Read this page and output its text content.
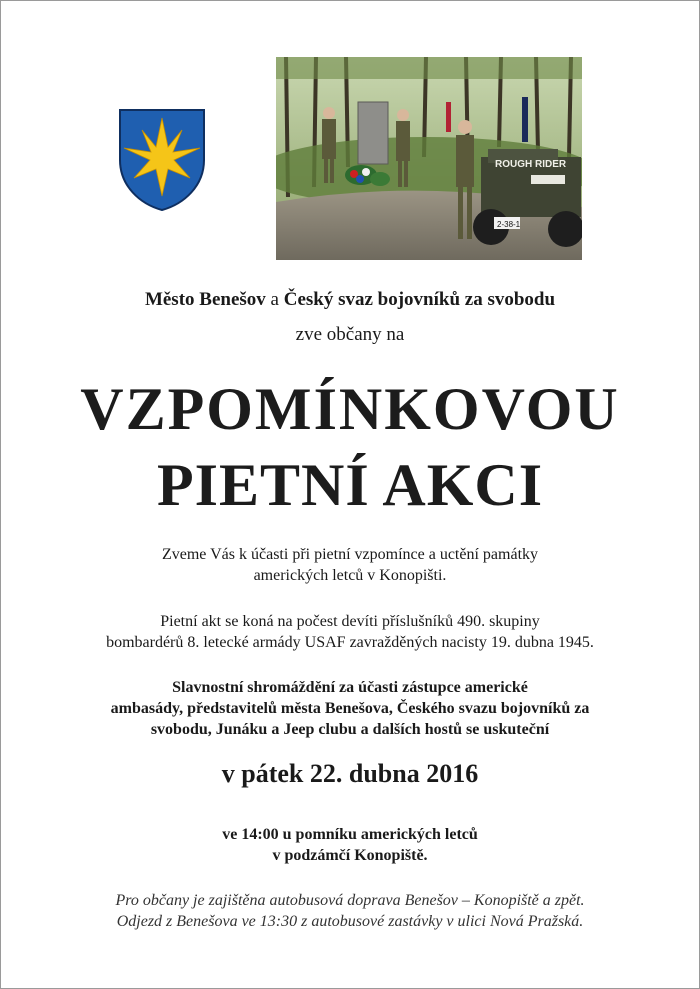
ROUGH RIDER
2-38-1

Město Benešov a Český svaz bojovníků za svobodu

zve občany na

VZPOMÍNKOVOU
PIETNÍ AKCI
Zveme Vás k účasti při pietní vzpomínce a uctění památky
amerických letců v Konopišti.
Pietní akt se koná na počest devíti příslušníků 490. skupiny
bombardérů 8. letecké armády USAF zavražděných nacisty 19. dubna 1945.
Slavnostní shromáždění za účasti zástupce americké
ambasády, představitelů města Benešova, Českého svazu bojovníků za
svobodu, Junáku a Jeep clubu a dalších hostů se uskuteční
v pátek 22. dubna 2016
ve 14:00 u pomníku amerických letců
v podzámčí Konopiště.
Pro občany je zajištěna autobusová doprava Benešov – Konopiště a zpět.
Odjezd z Benešova ve 13:30 z autobusové zastávky v ulici Nová Pražská.
